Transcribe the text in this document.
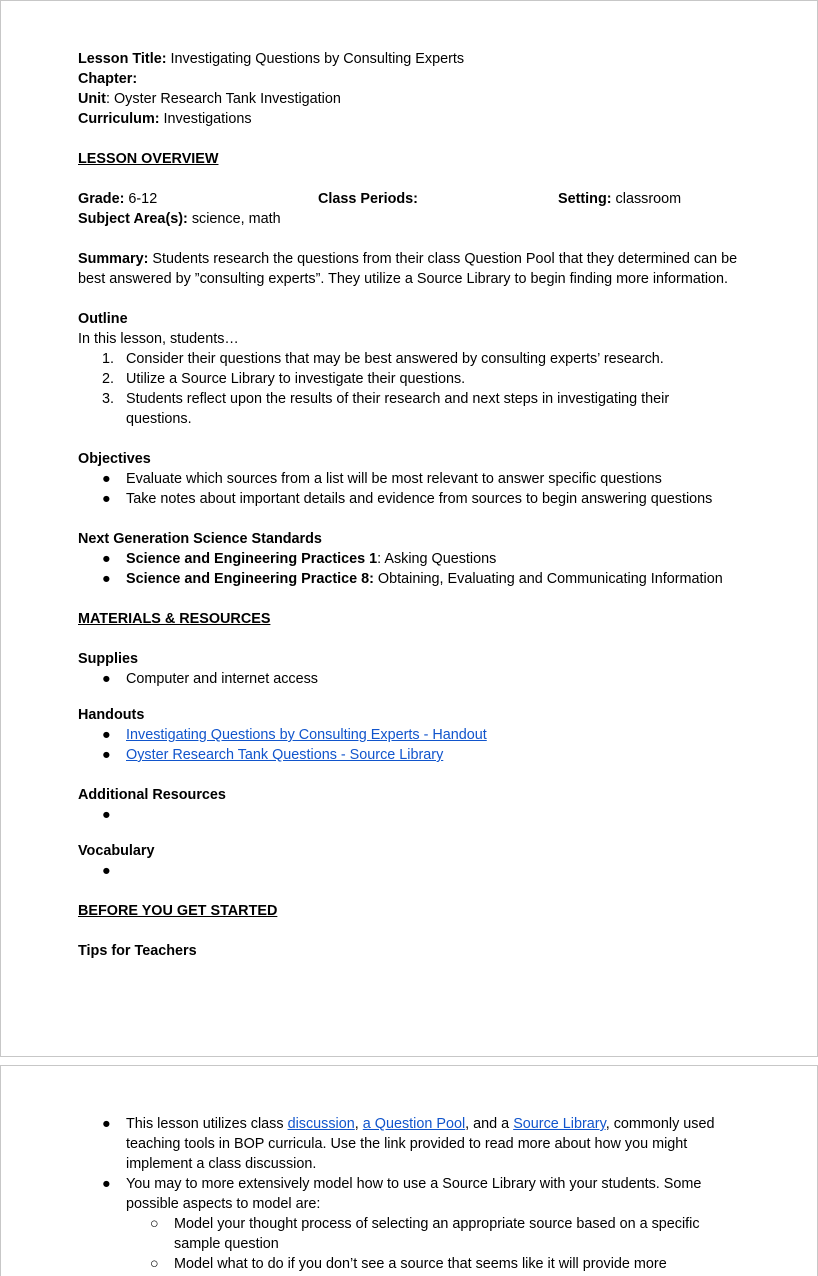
Lesson Title: Investigating Questions by Consulting Experts
Chapter:
Unit: Oyster Research Tank Investigation
Curriculum: Investigations
LESSON OVERVIEW
Grade: 6-12	Class Periods:	Setting: classroom
Subject Area(s): science, math
Summary: Students research the questions from their class Question Pool that they determined can be best answered by ”consulting experts”. They utilize a Source Library to begin finding more information.
Outline
In this lesson, students…
1. Consider their questions that may be best answered by consulting experts’ research.
2. Utilize a Source Library to investigate their questions.
3. Students reflect upon the results of their research and next steps in investigating their questions.
Objectives
●	Evaluate which sources from a list will be most relevant to answer specific questions
●	Take notes about important details and evidence from sources to begin answering questions
Next Generation Science Standards
●	Science and Engineering Practices 1: Asking Questions
●	Science and Engineering Practice 8: Obtaining, Evaluating and Communicating Information
MATERIALS & RESOURCES
Supplies
●	Computer and internet access
Handouts
●	Investigating Questions by Consulting Experts - Handout
●	Oyster Research Tank Questions - Source Library
Additional Resources
●

Vocabulary
●

BEFORE YOU GET STARTED
Tips for Teachers
●	This lesson utilizes class discussion, a Question Pool, and a Source Library, commonly used teaching tools in BOP curricula. Use the link provided to read more about how you might implement a class discussion.
●	You may to more extensively model how to use a Source Library with your students. Some possible aspects to model are:
○	Model your thought process of selecting an appropriate source based on a specific sample question
○	Model what to do if you don’t see a source that seems like it will provide more
